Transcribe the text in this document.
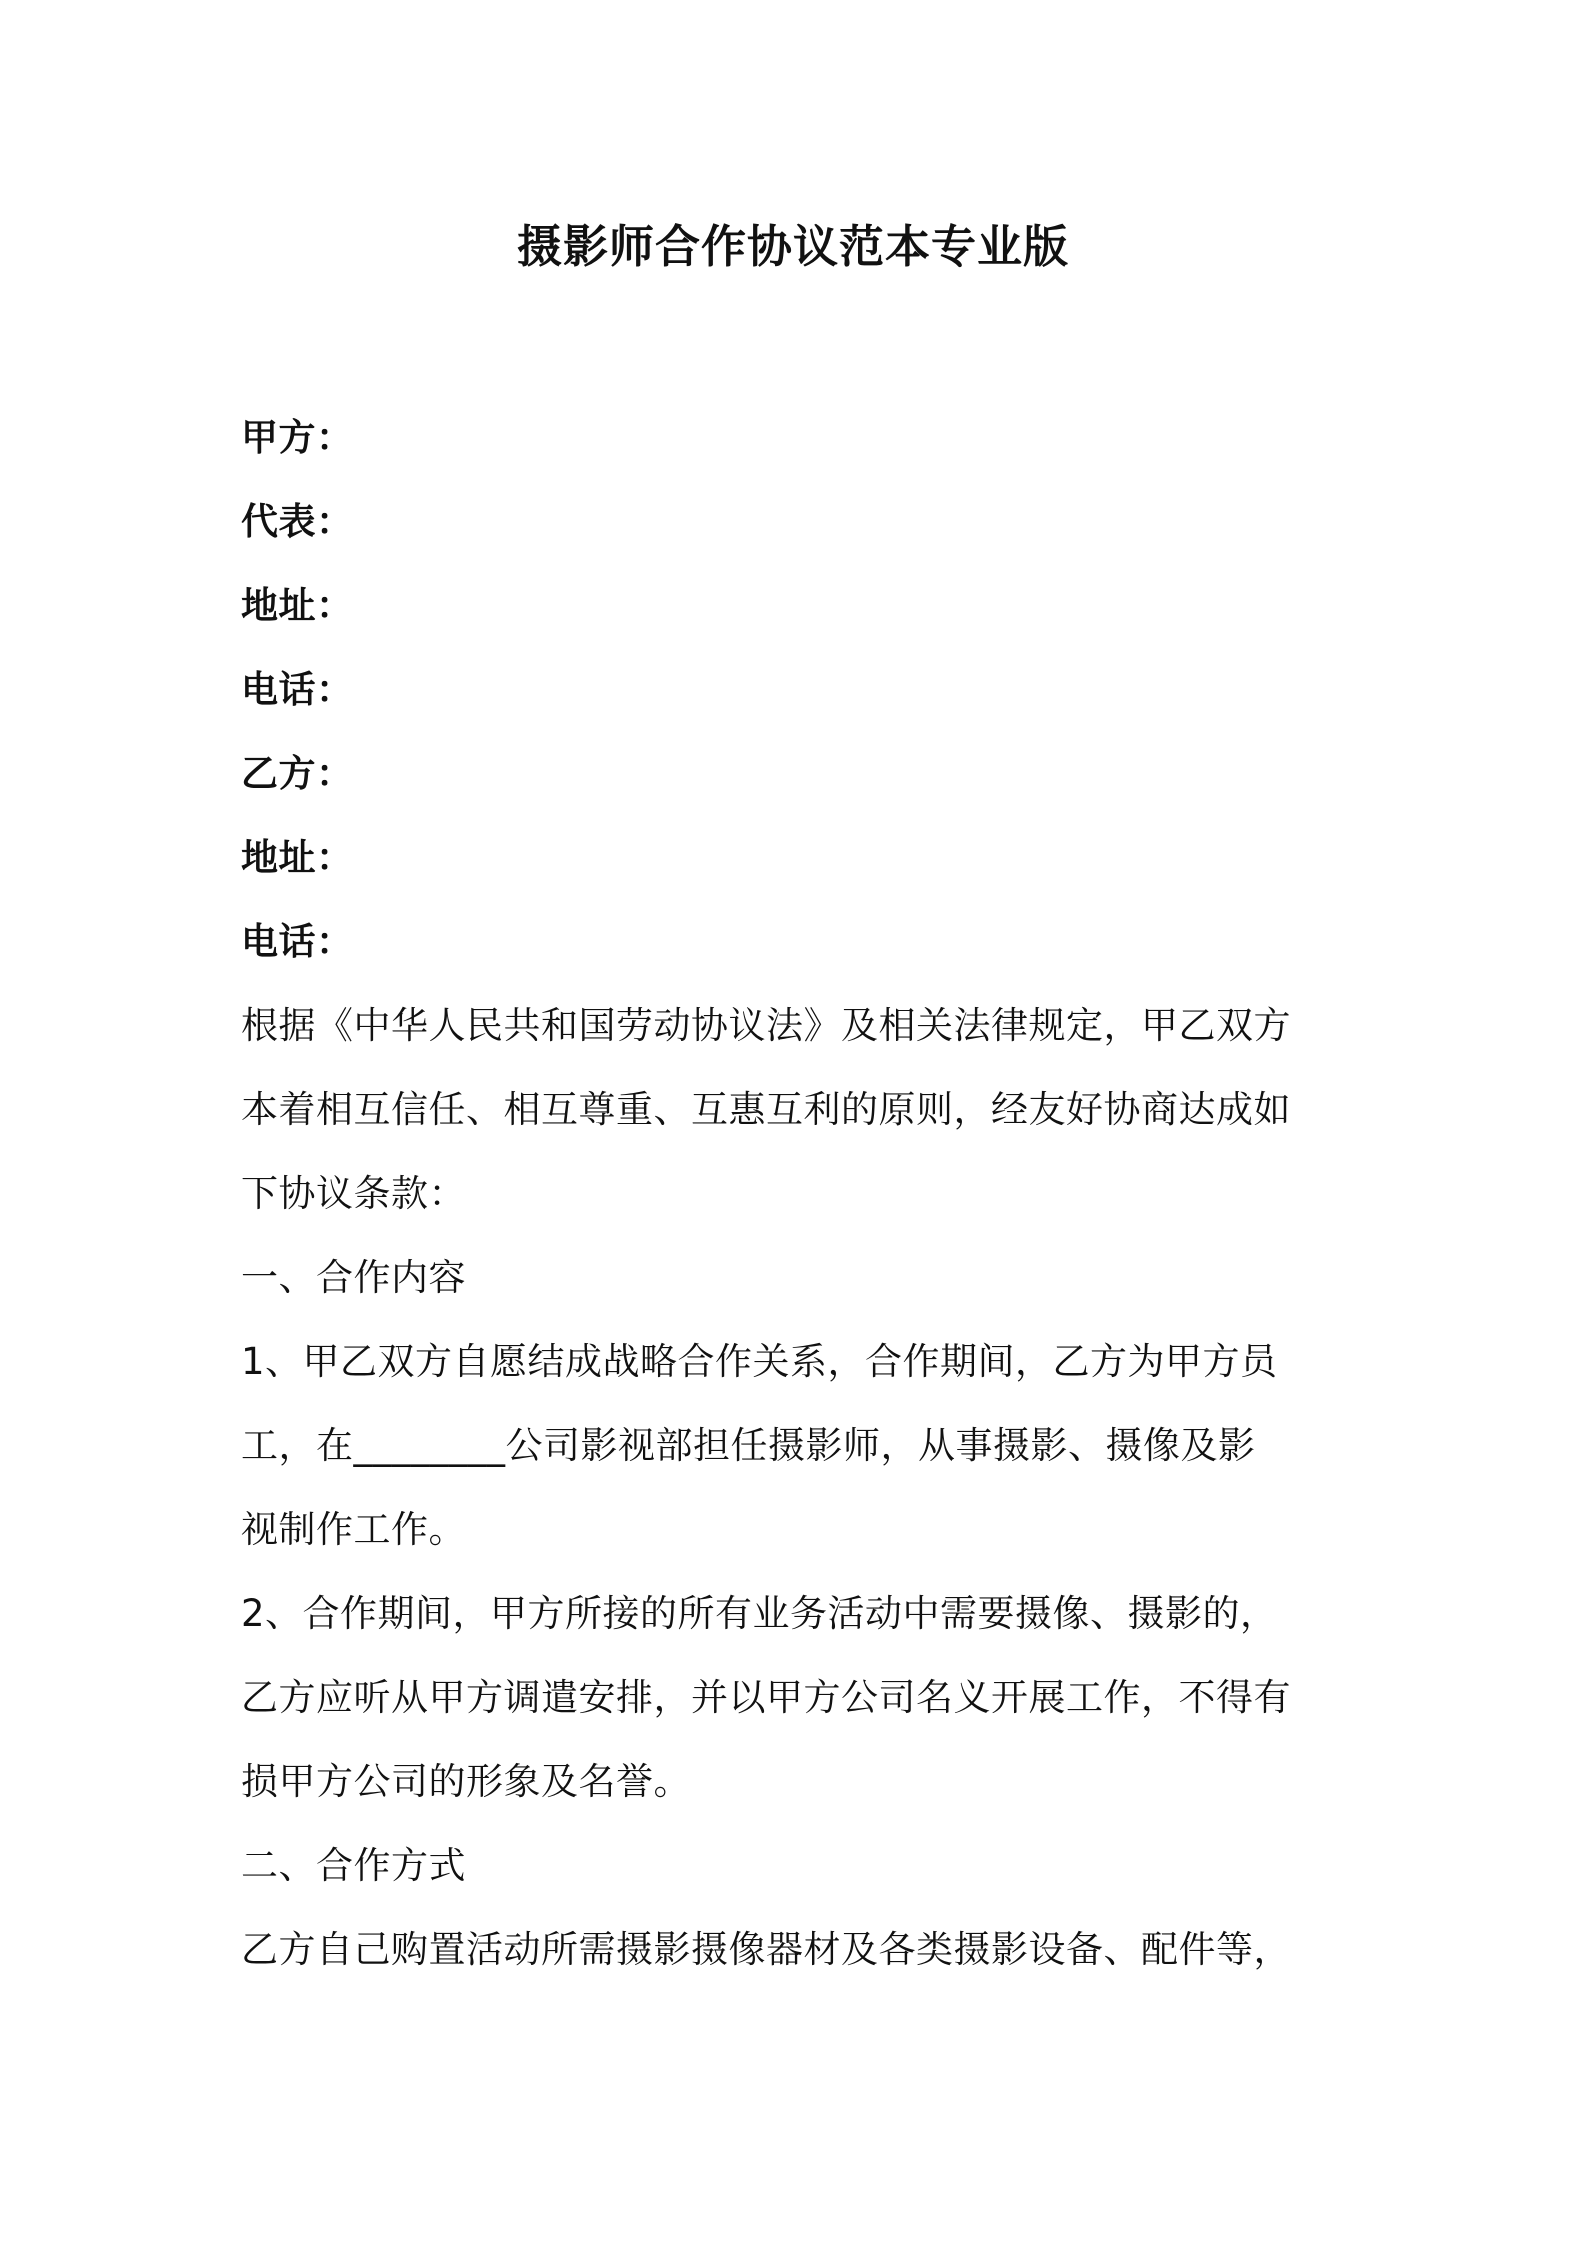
摄影师合作协议范本专业版

甲方：

代表：

地址：

电话：

乙方：

地址：

电话：

根据《中华人民共和国劳动协议法》及相关法律规定，甲乙双方

本着相互信任、相互尊重、互惠互利的原则，经友好协商达成如

下协议条款：

一、合作内容

1、甲乙双方自愿结成战略合作关系，合作期间，乙方为甲方员

工，在________公司影视部担任摄影师，从事摄影、摄像及影

视制作工作。

2、合作期间，甲方所接的所有业务活动中需要摄像、摄影的，

乙方应听从甲方调遣安排，并以甲方公司名义开展工作，不得有

损甲方公司的形象及名誉。

二、合作方式

乙方自己购置活动所需摄影摄像器材及各类摄影设备、配件等，
